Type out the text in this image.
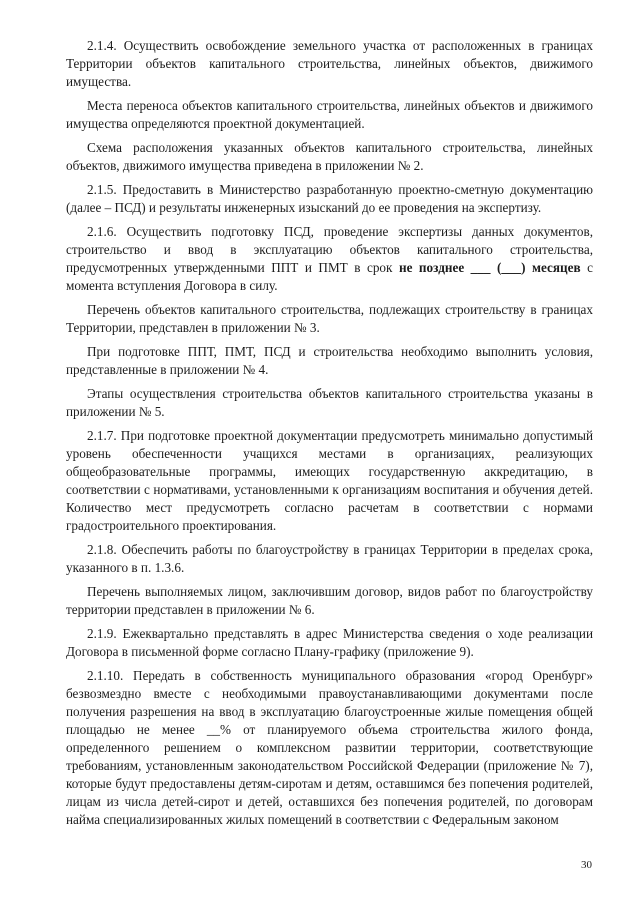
2.1.4. Осуществить освобождение земельного участка от расположенных в границах Территории объектов капитального строительства, линейных объектов, движимого имущества.

Места переноса объектов капитального строительства, линейных объектов и движимого имущества определяются проектной документацией.

Схема расположения указанных объектов капитального строительства, линейных объектов, движимого имущества приведена в приложении № 2.

2.1.5. Предоставить в Министерство разработанную проектно-сметную документацию (далее – ПСД) и результаты инженерных изысканий до ее проведения на экспертизу.

2.1.6. Осуществить подготовку ПСД, проведение экспертизы данных документов, строительство и ввод в эксплуатацию объектов капитального строительства, предусмотренных утвержденными ППТ и ПМТ в срок не позднее ___ (___) месяцев с момента вступления Договора в силу.

Перечень объектов капитального строительства, подлежащих строительству в границах Территории, представлен в приложении № 3.

При подготовке ППТ, ПМТ, ПСД и строительства необходимо выполнить условия, представленные в приложении № 4.

Этапы осуществления строительства объектов капитального строительства указаны в приложении № 5.

2.1.7. При подготовке проектной документации предусмотреть минимально допустимый уровень обеспеченности учащихся местами в организациях, реализующих общеобразовательные программы, имеющих государственную аккредитацию, в соответствии с нормативами, установленными к организациям воспитания и обучения детей. Количество мест предусмотреть согласно расчетам в соответствии с нормами градостроительного проектирования.

2.1.8. Обеспечить работы по благоустройству в границах Территории в пределах срока, указанного в п. 1.3.6.

Перечень выполняемых лицом, заключившим договор, видов работ по благоустройству территории представлен в приложении № 6.

2.1.9. Ежеквартально представлять в адрес Министерства сведения о ходе реализации Договора в письменной форме согласно Плану-графику (приложение 9).

2.1.10. Передать в собственность муниципального образования «город Оренбург» безвозмездно вместе с необходимыми правоустанавливающими документами после получения разрешения на ввод в эксплуатацию благоустроенные жилые помещения общей площадью не менее __% от планируемого объема строительства жилого фонда, определенного решением о комплексном развитии территории, соответствующие требованиям, установленным законодательством Российской Федерации (приложение № 7), которые будут предоставлены детям-сиротам и детям, оставшимся без попечения родителей, лицам из числа детей-сирот и детей, оставшихся без попечения родителей, по договорам найма специализированных жилых помещений в соответствии с Федеральным законом

30
